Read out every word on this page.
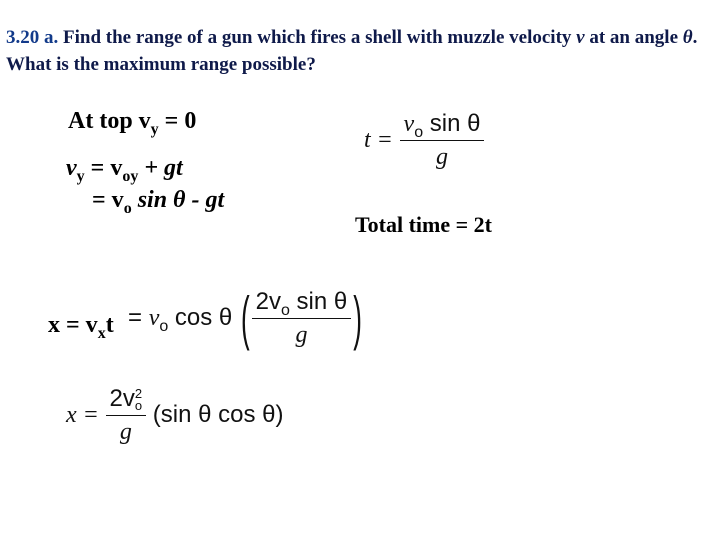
3.20 a. Find the range of a gun which fires a shell with muzzle velocity v at an angle θ. What is the maximum range possible?
At top $v_y = 0$
$v_y = v_{oy}$ + gt
= $v_o$ sin θ - gt
$t = \frac{v_o \sin \theta}{g}$
Total time = 2t
$x = v_xt = v_o$ cos θ ( $\frac{2v_o \sin \theta}{g}$ )
x = 2v 2
o
g (sin θ cos θ)
